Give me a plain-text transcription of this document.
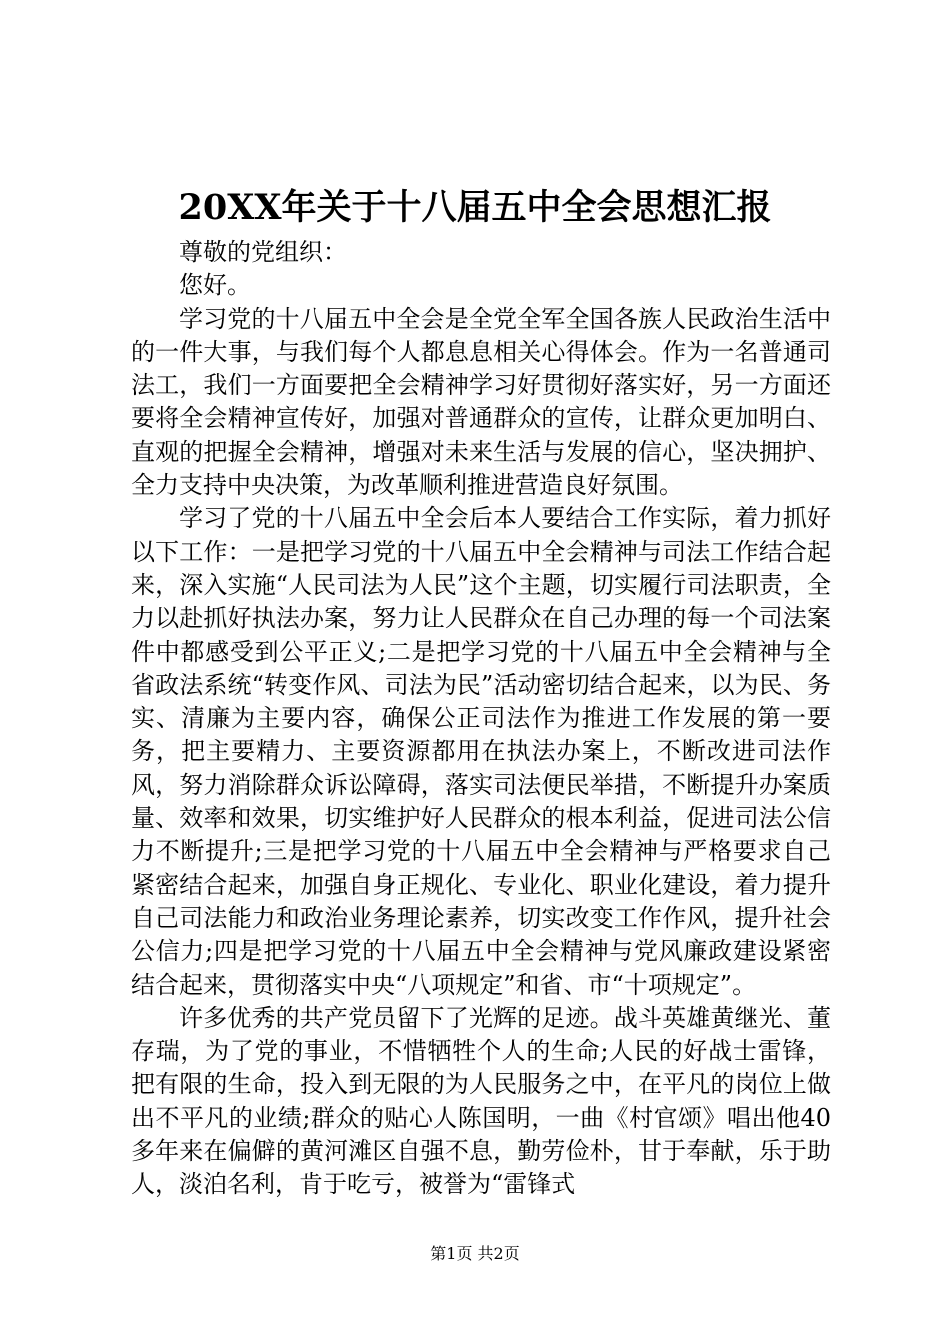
20XX年关于十八届五中全会思想汇报

尊敬的党组织：

您好。

学习党的十八届五中全会是全党全军全国各族人民政治生活中的一件大事，与我们每个人都息息相关心得体会。作为一名普通司法工，我们一方面要把全会精神学习好贯彻好落实好，另一方面还要将全会精神宣传好，加强对普通群众的宣传，让群众更加明白、直观的把握全会精神，增强对未来生活与发展的信心，坚决拥护、全力支持中央决策，为改革顺利推进营造良好氛围。

学习了党的十八届五中全会后本人要结合工作实际，着力抓好以下工作：一是把学习党的十八届五中全会精神与司法工作结合起来，深入实施“人民司法为人民”这个主题，切实履行司法职责，全力以赴抓好执法办案，努力让人民群众在自己办理的每一个司法案件中都感受到公平正义;二是把学习党的十八届五中全会精神与全省政法系统“转变作风、司法为民”活动密切结合起来，以为民、务实、清廉为主要内容，确保公正司法作为推进工作发展的第一要务，把主要精力、主要资源都用在执法办案上，不断改进司法作风，努力消除群众诉讼障碍，落实司法便民举措，不断提升办案质量、效率和效果，切实维护好人民群众的根本利益，促进司法公信力不断提升;三是把学习党的十八届五中全会精神与严格要求自己紧密结合起来，加强自身正规化、专业化、职业化建设，着力提升自己司法能力和政治业务理论素养，切实改变工作作风，提升社会公信力;四是把学习党的十八届五中全会精神与党风廉政建设紧密结合起来，贯彻落实中央“八项规定”和省、市“十项规定”。

许多优秀的共产党员留下了光辉的足迹。战斗英雄黄继光、董存瑞，为了党的事业，不惜牺牲个人的生命;人民的好战士雷锋，把有限的生命，投入到无限的为人民服务之中，在平凡的岗位上做出不平凡的业绩;群众的贴心人陈国明，一曲《村官颂》唱出他40多年来在偏僻的黄河滩区自强不息，勤劳俭朴，甘于奉献，乐于助人，淡泊名利，肯于吃亏，被誉为“雷锋式

第1页 共2页
